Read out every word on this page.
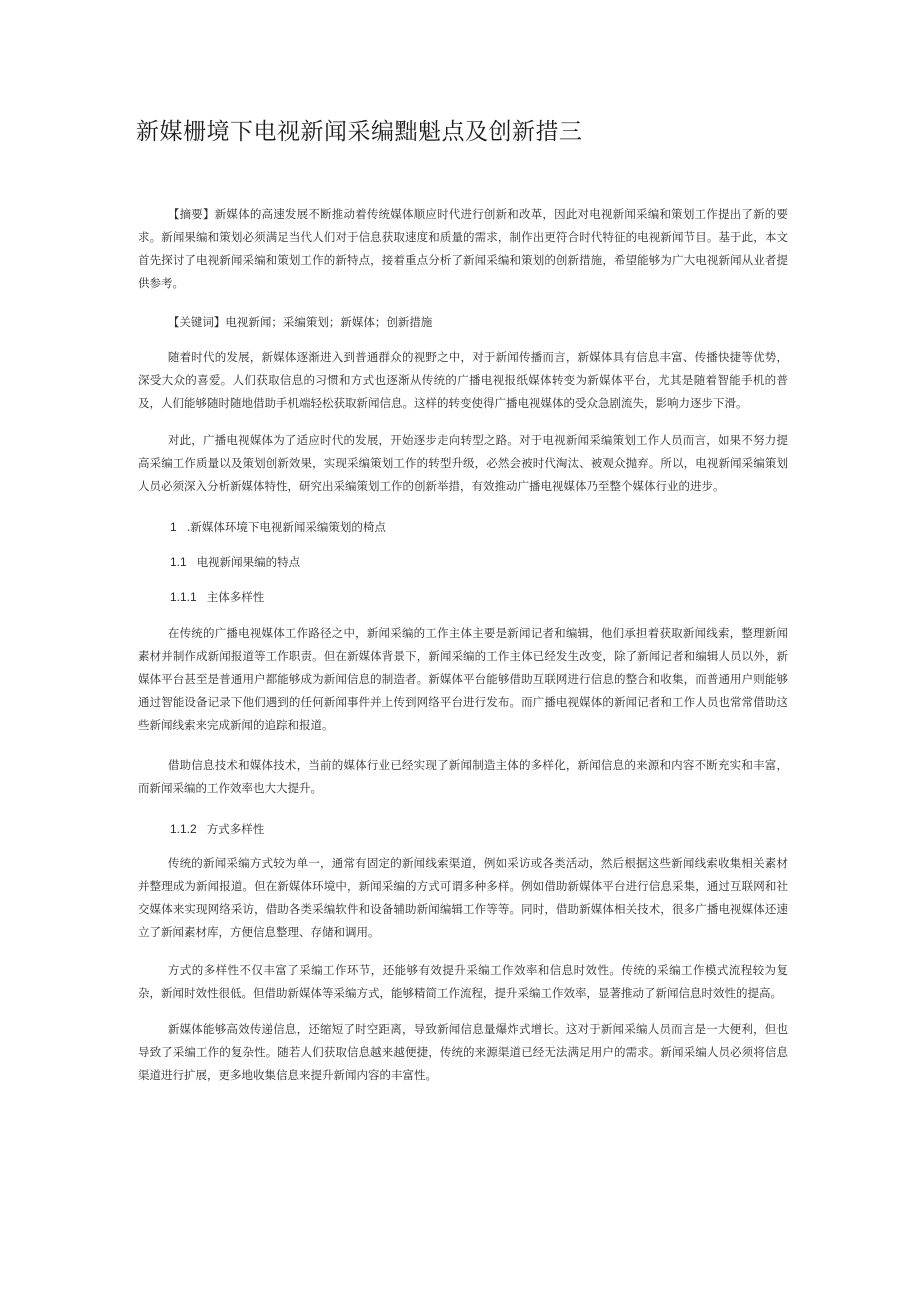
新媒栅境下电视新闻采编黜魁点及创新措三

【摘要】新媒体的高速发展不断推动着传统媒体顺应时代进行创新和改革，因此对电视新闻采编和策划工作提出了新的要求。新闻果编和策划必须满足当代人们对于信息获取速度和质量的需求，制作出更符合时代特征的电视新闻节目。基于此，本文首先探讨了电视新闻采编和策划工作的新特点，接着重点分析了新闻采编和策划的创新措施，希望能够为广大电视新闻从业者提供参考。

【关键词】电视新闻；采编策划；新媒体；创新措施

随着时代的发展，新媒体逐渐进入到普通群众的视野之中，对于新闻传播而言，新媒体具有信息丰富、传播快捷等优势，深受大众的喜爱。人们获取信息的习惯和方式也逐渐从传统的广播电视报纸媒体转变为新媒体平台，尤其是随着智能手机的普及，人们能够随时随地借助手机端轻松获取新闻信息。这样的转变使得广播电视媒体的受众急剧流失，影响力逐步下滑。

对此，广播电视媒体为了适应时代的发展，开始逐步走向转型之路。对于电视新闻采编策划工作人员而言，如果不努力提高采编工作质量以及策划创新效果，实现采编策划工作的转型升级，必然会被时代淘汰、被观众抛弃。所以，电视新闻采编策划人员必须深入分析新媒体特性，研究出采编策划工作的创新举措，有效推动广播电视媒体乃至整个媒体行业的进步。

1 .新媒体环境下电视新闻采编策划的椅点
1.1 电视新闻果编的特点
1.1.1 主体多样性

在传统的广播电视媒体工作路径之中，新闻采编的工作主体主要是新闻记者和编辑，他们承担着获取新闻线索，整理新闻素材并制作成新闻报道等工作职责。但在新媒体背景下，新闻采编的工作主体已经发生改变，除了新闻记者和编辑人员以外，新媒体平台甚至是普通用户都能够成为新闻信息的制造者。新媒体平台能够借助互联网进行信息的整合和收集，而普通用户则能够通过智能设备记录下他们遇到的任何新闻事件并上传到网络平台进行发布。而广播电视媒体的新闻记者和工作人员也常常借助这些新闻线索来完成新闻的追踪和报道。

借助信息技术和媒体技术，当前的媒体行业已经实现了新闻制造主体的多样化，新闻信息的来源和内容不断充实和丰富，而新闻采编的工作效率也大大提升。

1.1.2 方式多样性

传统的新闻采编方式较为单一，通常有固定的新闻线索渠道，例如采访或各类活动，然后根据这些新闻线索收集相关素材并整理成为新闻报道。但在新媒体环境中，新闻采编的方式可谓多种多样。例如借助新媒体平台进行信息采集，通过互联网和社交媒体来实现网络采访，借助各类采编软件和设备辅助新闻编辑工作等等。同时，借助新媒体相关技术，很多广播电视媒体还速立了新闻素材库，方便信息整理、存储和调用。

方式的多样性不仅丰富了采编工作环节，还能够有效提升采编工作效率和信息时效性。传统的采编工作模式流程较为复杂，新闻时效性很低。但借助新媒体等采编方式，能够精简工作流程，提升采编工作效率，显著推动了新闻信息时效性的提高。

新媒体能够高效传递信息，还缩短了时空距离，导致新闻信息量爆炸式增长。这对于新闻采编人员而言是一大便利，但也导致了采编工作的复杂性。随若人们获取信息越来越便捷，传统的来源渠道已经无法满足用户的需求。新闻采编人员必须将信息渠道进行扩展，更多地收集信息来提升新闻内容的丰富性。
